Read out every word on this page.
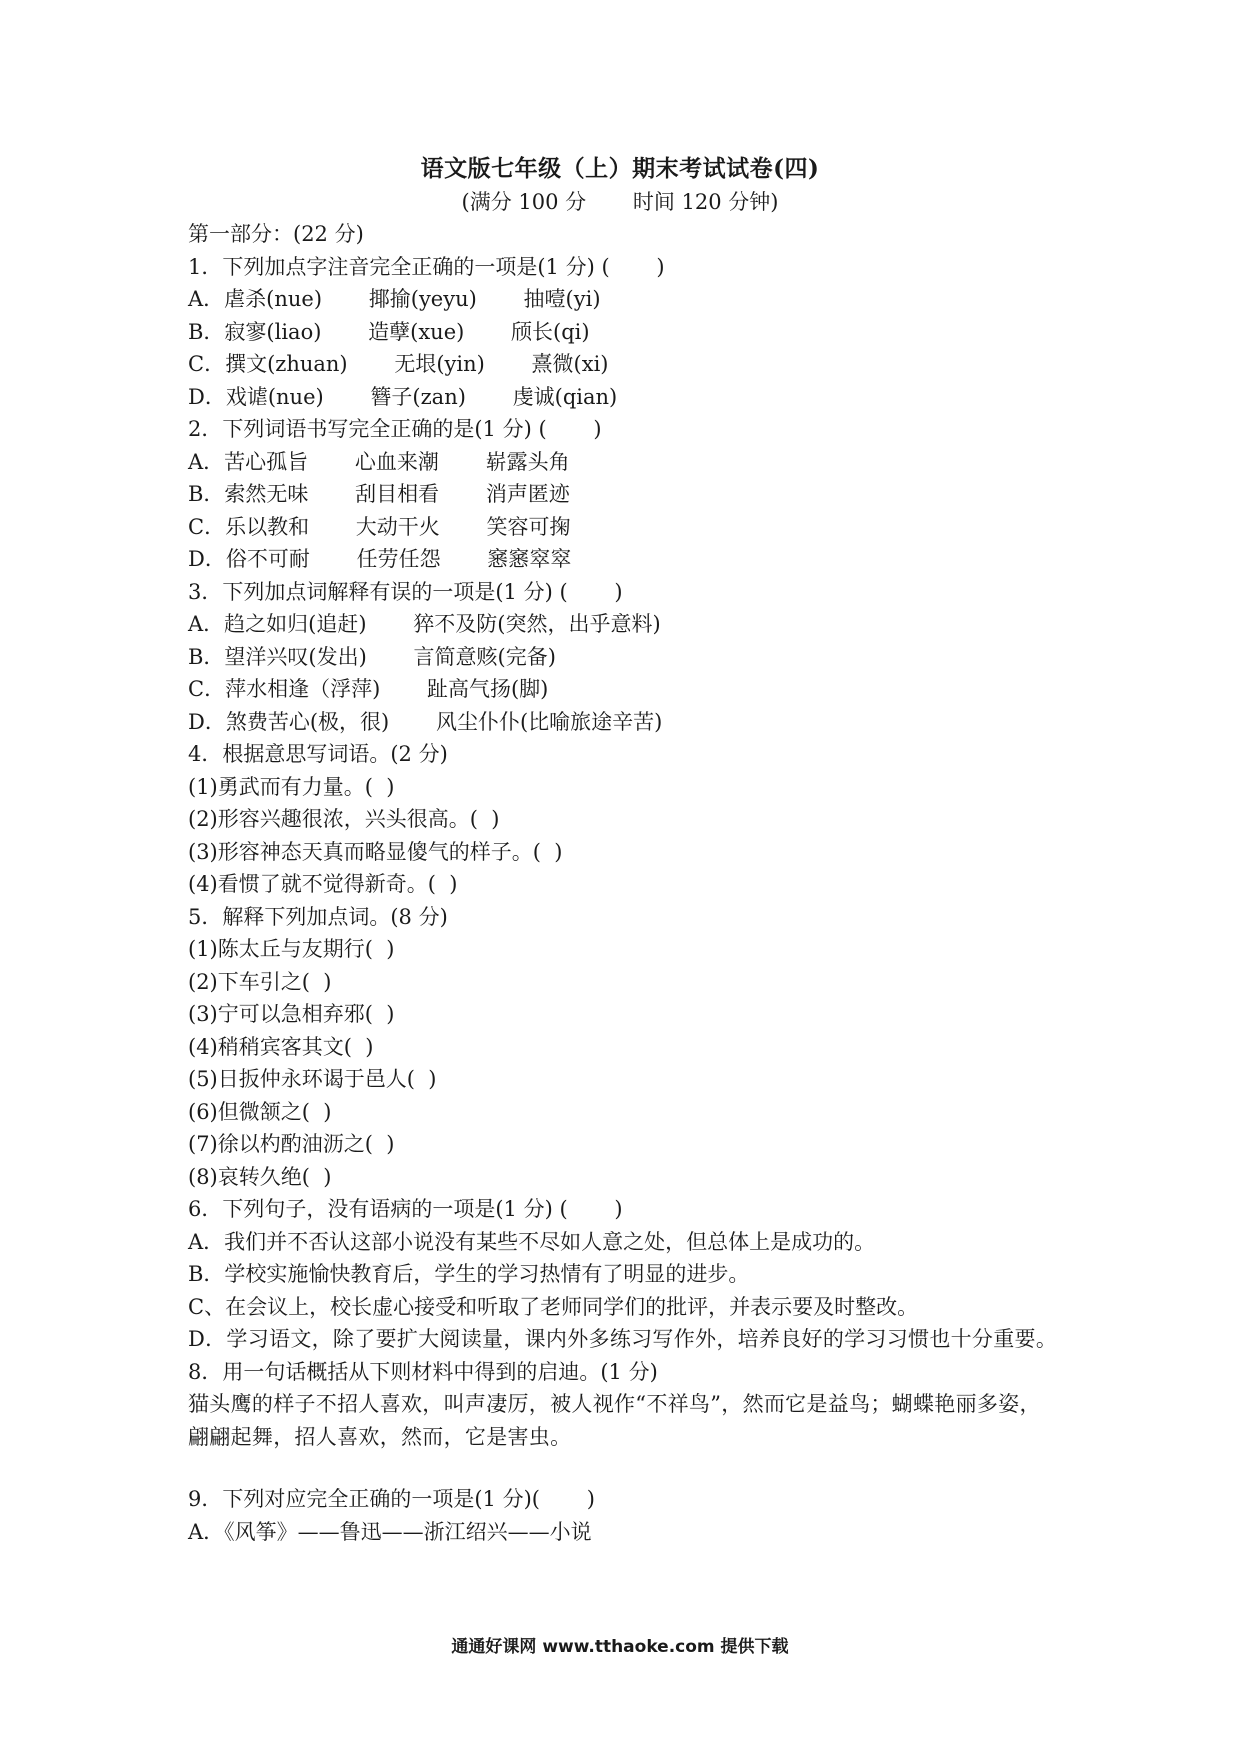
语文版七年级（上）期末考试试卷(四)
(满分 100 分       时间 120 分钟)
第一部分：(22 分)
1．下列加点字注音完全正确的一项是(1 分) (       )
A．虐杀(nue)       揶揄(yeyu)       抽噎(yi)
B．寂寥(liao)       造孽(xue)       颀长(qi)
C．撰文(zhuan)       无垠(yin)       熹微(xi)
D．戏谑(nue)       簪子(zan)       虔诚(qian)
2．下列词语书写完全正确的是(1 分) (       )
A．苦心孤旨       心血来潮       崭露头角
B．索然无味       刮目相看       消声匿迹
C．乐以教和       大动干火       笑容可掬
D．俗不可耐       任劳任怨       窸窸窣窣
3．下列加点词解释有误的一项是(1 分) (       )
A．趋之如归(追赶)       猝不及防(突然，出乎意料)
B．望洋兴叹(发出)       言简意赅(完备)
C．萍水相逢（浮萍)       趾高气扬(脚)
D．煞费苦心(极，很)       风尘仆仆(比喻旅途辛苦)
4．根据意思写词语。(2 分)
(1)勇武而有力量。(  )
(2)形容兴趣很浓，兴头很高。(  )
(3)形容神态天真而略显傻气的样子。(  )
(4)看惯了就不觉得新奇。(  )
5．解释下列加点词。(8 分)
(1)陈太丘与友期行(  )
(2)下车引之(  )
(3)宁可以急相弃邪(  )
(4)稍稍宾客其文(  )
(5)日扳仲永环谒于邑人(  )
(6)但微颔之(  )
(7)徐以杓酌油沥之(  )
(8)哀转久绝(  )
6．下列句子，没有语病的一项是(1 分) (       )
A．我们并不否认这部小说没有某些不尽如人意之处，但总体上是成功的。
B．学校实施愉快教育后，学生的学习热情有了明显的进步。
C、在会议上，校长虚心接受和听取了老师同学们的批评，并表示要及时整改。
D．学习语文，除了要扩大阅读量，课内外多练习写作外，培养良好的学习习惯也十分重要。
8．用一句话概括从下则材料中得到的启迪。(1 分)
猫头鹰的样子不招人喜欢，叫声凄厉，被人视作“不祥鸟”，然而它是益鸟；蝴蝶艳丽多姿，翩翩起舞，招人喜欢，然而，它是害虫。
9．下列对应完全正确的一项是(1 分)(       )
A．《风筝》——鲁迅——浙江绍兴——小说
通通好课网 www.tthaoke.com 提供下载
